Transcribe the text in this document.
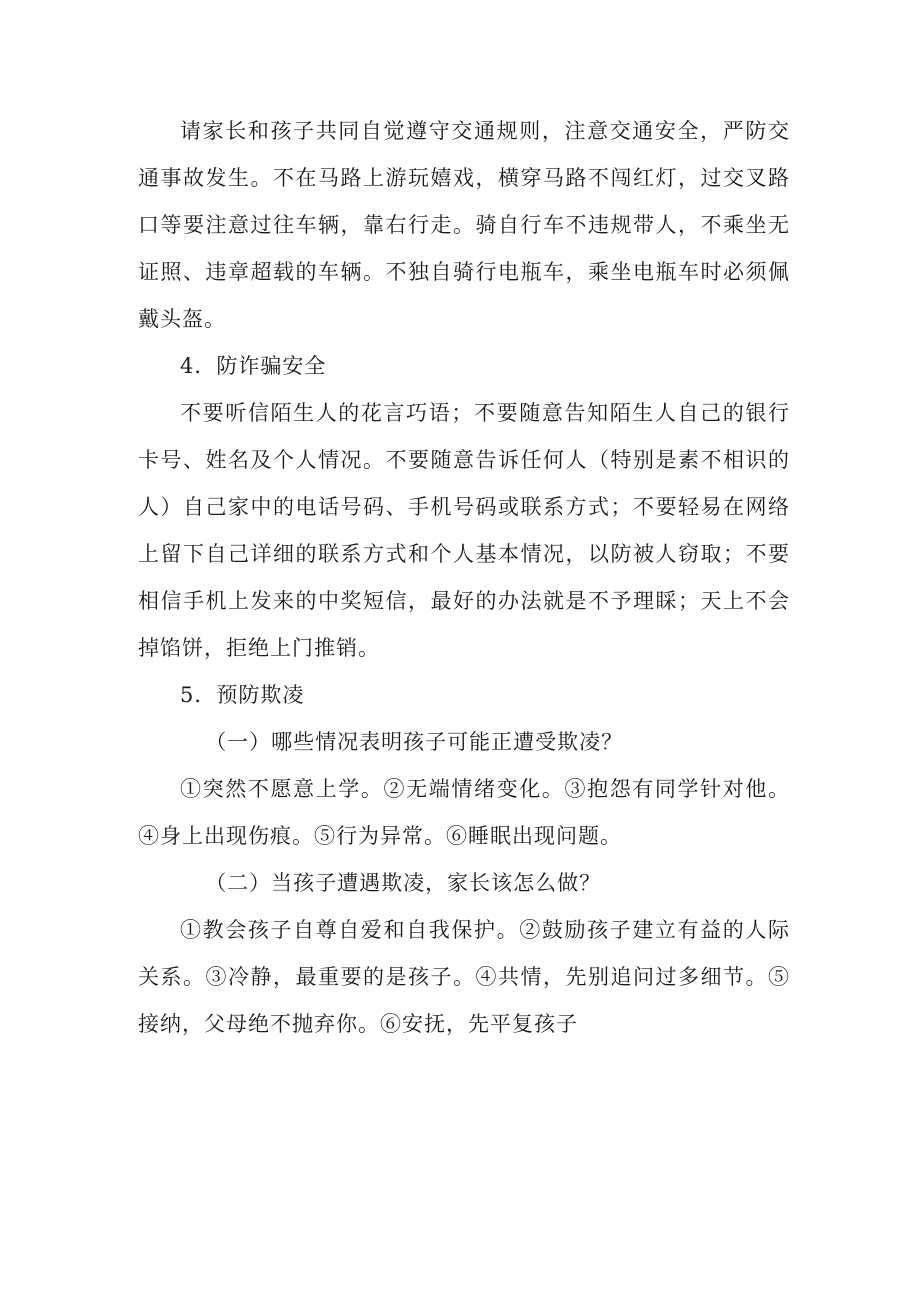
请家长和孩子共同自觉遵守交通规则，注意交通安全，严防交通事故发生。不在马路上游玩嬉戏，横穿马路不闯红灯，过交叉路口等要注意过往车辆，靠右行走。骑自行车不违规带人，不乘坐无证照、违章超载的车辆。不独自骑行电瓶车，乘坐电瓶车时必须佩戴头盔。

4．防诈骗安全

不要听信陌生人的花言巧语；不要随意告知陌生人自己的银行卡号、姓名及个人情况。不要随意告诉任何人（特别是素不相识的人）自己家中的电话号码、手机号码或联系方式；不要轻易在网络上留下自己详细的联系方式和个人基本情况，以防被人窃取；不要相信手机上发来的中奖短信，最好的办法就是不予理睬；天上不会掉馅饼，拒绝上门推销。

5．预防欺凌

（一）哪些情况表明孩子可能正遭受欺凌？

①突然不愿意上学。②无端情绪变化。③抱怨有同学针对他。④身上出现伤痕。⑤行为异常。⑥睡眠出现问题。

（二）当孩子遭遇欺凌，家长该怎么做？

①教会孩子自尊自爱和自我保护。②鼓励孩子建立有益的人际关系。③冷静，最重要的是孩子。④共情，先别追问过多细节。⑤接纳，父母绝不抛弃你。⑥安抚，先平复孩子
